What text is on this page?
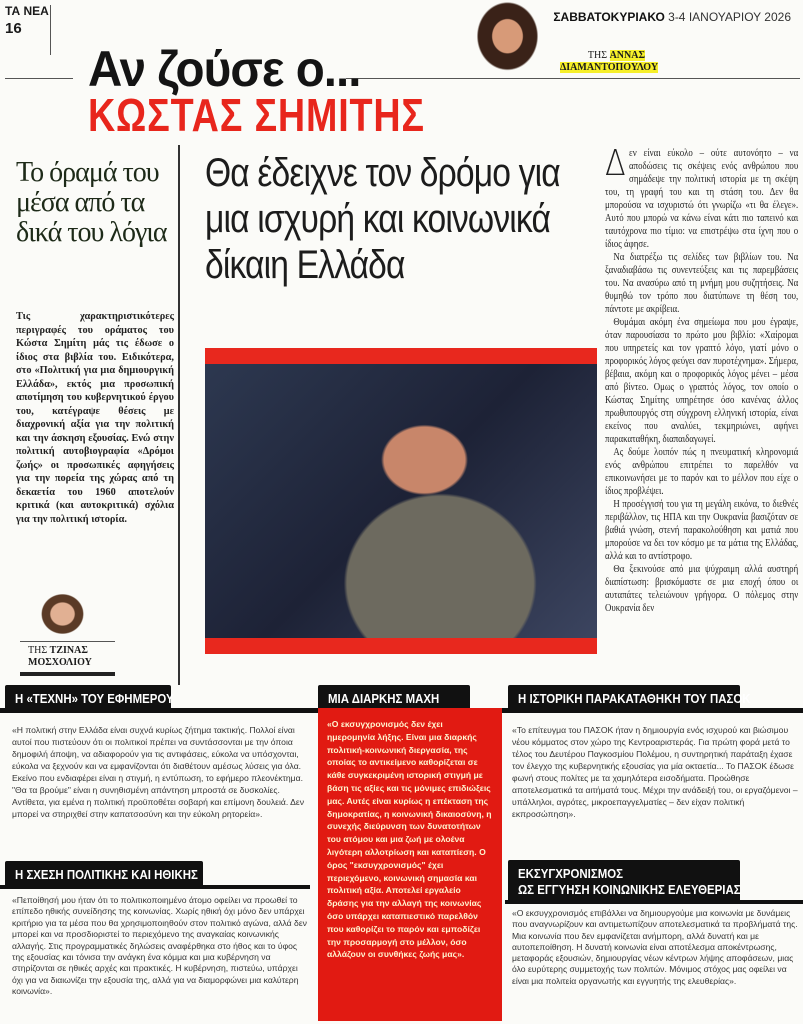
ΤΑ ΝΕΑ
16
Αν ζούσε ο...
ΚΩΣΤΑΣ ΣΗΜΙΤΗΣ
ΤΗΣ ΑΝΝΑΣ
ΔΙΑΜΑΝΤΟΠΟΥΛΟΥ
ΣΑΒΒΑΤΟΚΥΡΙΑΚΟ 3-4 ΙΑΝΟΥΑΡΙΟΥ 2026
Το όραμά του μέσα από τα δικά του λόγια
Τις χαρακτηριστικότερες περιγραφές του οράματος του Κώστα Σημίτη μάς τις έδωσε ο ίδιος στα βιβλία του. Ειδικότερα, στο «Πολιτική για μια δημιουργική Ελλάδα», εκτός μια προσωπική αποτίμηση του κυβερνητικού έργου του, κατέγραψε θέσεις με διαχρονική αξία για την πολιτική και την άσκηση εξουσίας. Ενώ στην πολιτική αυτοβιογραφία «Δρόμοι ζωής» οι προσωπικές αφηγήσεις για την πορεία της χώρας από τη δεκαετία του 1960 αποτελούν κριτικά (και αυτοκριτικά) σχόλια για την πολιτική ιστορία.
ΤΗΣ ΤΖΙΝΑΣ
ΜΟΣΧΟΛΙΟΥ
Θα έδειχνε τον δρόμο για μια ισχυρή και κοινωνικά δίκαιη Ελλάδα

Δεν είναι εύκολο – ούτε αυτονόητο – να αποδώσεις τις σκέψεις ενός ανθρώπου που σημάδεψε την πολιτική ιστορία με τη σκέψη του, τη γραφή του και τη στάση του. Δεν θα μπορούσα να ισχυριστώ ότι γνωρίζω «τι θα έλεγε». Αυτό που μπορώ να κάνω είναι κάτι πιο ταπεινό και ταυτόχρονα πιο τίμιο: να επιστρέψω στα ίχνη που ο ίδιος άφησε.

Να διατρέξω τις σελίδες των βιβλίων του. Να ξαναδιαβάσω τις συνεντεύξεις και τις παρεμβάσεις του. Να ανασύρω από τη μνήμη μου συζητήσεις. Να θυμηθώ τον τρόπο που διατύπωνε τη θέση του, πάντοτε με ακρίβεια.

Θυμάμαι ακόμη ένα σημείωμα που μου έγραψε, όταν παρουσίασα το πρώτο μου βιβλίο: «Χαίρομαι που υπηρετείς και τον γραπτό λόγο, γιατί μόνο ο προφορικός λόγος φεύγει σαν πυροτέχνημα». Σήμερα, βέβαια, ακόμη και ο προφορικός λόγος μένει – μέσα από βίντεο. Ομως ο γραπτός λόγος, τον οποίο ο Κώστας Σημίτης υπηρέτησε όσο κανένας άλλος πρωθυπουργός στη σύγχρονη ελληνική ιστορία, είναι εκείνος που αναλύει, τεκμηριώνει, αφήνει παρακαταθήκη, διαπαιδαγωγεί.

Ας δούμε λοιπόν πώς η πνευματική κληρονομιά ενός ανθρώπου επιτρέπει το παρελθόν να επικοινωνήσει με το παρόν και το μέλλον που είχε ο ίδιος προβλέψει.

Η προσέγγισή του για τη μεγάλη εικόνα, το διεθνές περιβάλλον, τις ΗΠΑ και την Ουκρανία βασιζόταν σε βαθιά γνώση, στενή παρακολούθηση και ματιά που μπορούσε να δει τον κόσμο με τα μάτια της Ελλάδας, αλλά και το αντίστροφο.

Θα ξεκινούσε από μια ψύχραιμη αλλά αυστηρή διαπίστωση: βρισκόμαστε σε μια εποχή όπου οι αυταπάτες τελειώνουν γρήγορα. Ο πόλεμος στην Ουκρανία δεν

Η «ΤΕΧΝΗ» ΤΟΥ ΕΦΗΜΕΡΟΥ
«Η πολιτική στην Ελλάδα είναι συχνά κυρίως ζήτημα τακτικής. Πολλοί είναι αυτοί που πιστεύουν ότι οι πολιτικοί πρέπει να συντάσσονται με την όποια δημοφιλή άποψη, να αδιαφορούν για τις αντιφάσεις, εύκολα να υπόσχονται, εύκολα να ξεχνούν και να εμφανίζονται ότι διαθέτουν αμέσως λύσεις για όλα. Εκείνο που ενδιαφέρει είναι η στιγμή, η εντύπωση, το εφήμερο πλεονέκτημα. "Θα τα βρούμε" είναι η συνηθισμένη απάντηση μπροστά σε δυσκολίες. Αντίθετα, για εμένα η πολιτική προϋποθέτει σοβαρή και επίμονη δουλειά. Δεν μπορεί να στηριχθεί στην καπατσοσύνη και την εύκολη ρητορεία».
Η ΣΧΕΣΗ ΠΟΛΙΤΙΚΗΣ ΚΑΙ ΗΘΙΚΗΣ
«Πεποίθησή μου ήταν ότι το πολιτικοποιημένο άτομο οφείλει να προωθεί το επίπεδο ηθικής συνείδησης της κοινωνίας. Χωρίς ηθική όχι μόνο δεν υπάρχει κριτήριο για τα μέσα που θα χρησιμοποιηθούν στον πολιτικό αγώνα, αλλά δεν μπορεί και να προσδιοριστεί το περιεχόμενο της αναγκαίας κοινωνικής αλλαγής. Στις προγραμματικές δηλώσεις αναφέρθηκα στο ήθος και το ύφος της εξουσίας και τόνισα την ανάγκη ένα κόμμα και μια κυβέρνηση να στηρίζονται σε ηθικές αρχές και πρακτικές. Η κυβέρνηση, πιστεύω, υπάρχει όχι για να διαιωνίζει την εξουσία της, αλλά για να διαμορφώνει μια καλύτερη κοινωνία».
ΜΙΑ ΔΙΑΡΚΗΣ ΜΑΧΗ
«Ο εκσυγχρονισμός δεν έχει ημερομηνία λήξης. Είναι μια διαρκής πολιτική-κοινωνική διεργασία, της οποίας το αντικείμενο καθορίζεται σε κάθε συγκεκριμένη ιστορική στιγμή με βάση τις αξίες και τις μόνιμες επιδιώξεις μας. Αυτές είναι κυρίως η επέκταση της δημοκρατίας, η κοινωνική δικαιοσύνη, η συνεχής διεύρυνση των δυνατοτήτων του ατόμου και μια ζωή με ολοένα λιγότερη αλλοτρίωση και καταπίεση. Ο όρος "εκσυγχρονισμός" έχει περιεχόμενο, κοινωνική σημασία και πολιτική αξία. Αποτελεί εργαλείο δράσης για την αλλαγή της κοινωνίας όσο υπάρχει καταπιεστικό παρελθόν που καθορίζει το παρόν και εμποδίζει την προσαρμογή στο μέλλον, όσο αλλάζουν οι συνθήκες ζωής μας».
Η ΙΣΤΟΡΙΚΗ ΠΑΡΑΚΑΤΑΘΗΚΗ ΤΟΥ ΠΑΣΟΚ
«Το επίτευγμα του ΠΑΣΟΚ ήταν η δημιουργία ενός ισχυρού και βιώσιμου νέου κόμματος στον χώρο της Κεντροαριστεράς. Για πρώτη φορά μετά το τέλος του Δευτέρου Παγκοσμίου Πολέμου, η συντηρητική παράταξη έχασε τον έλεγχο της κυβερνητικής εξουσίας για μία οκταετία... Το ΠΑΣΟΚ έδωσε φωνή στους πολίτες με τα χαμηλότερα εισοδήματα. Προώθησε αποτελεσματικά τα αιτήματά τους. Μέχρι την ανάδειξή του, οι εργαζόμενοι – υπάλληλοι, αγρότες, μικροεπαγγελματίες – δεν είχαν πολιτική εκπροσώπηση».
ΕΚΣΥΓΧΡΟΝΙΣΜΟΣ
ΩΣ ΕΓΓΥΗΣΗ ΚΟΙΝΩΝΙΚΗΣ ΕΛΕΥΘΕΡΙΑΣ
«Ο εκσυγχρονισμός επιβάλλει να δημιουργούμε μια κοινωνία με δυνάμεις που αναγνωρίζουν και αντιμετωπίζουν αποτελεσματικά τα προβλήματά της. Μια κοινωνία που δεν εμφανίζεται ανήμπορη, αλλά δυνατή και με αυτοπεποίθηση. Η δυνατή κοινωνία είναι αποτέλεσμα αποκέντρωσης, μεταφοράς εξουσιών, δημιουργίας νέων κέντρων λήψης αποφάσεων, μιας όλο ευρύτερης συμμετοχής των πολιτών. Μόνιμος στόχος μας οφείλει να είναι μια πολιτεία οργανωτής και εγγυητής της ελευθερίας».
